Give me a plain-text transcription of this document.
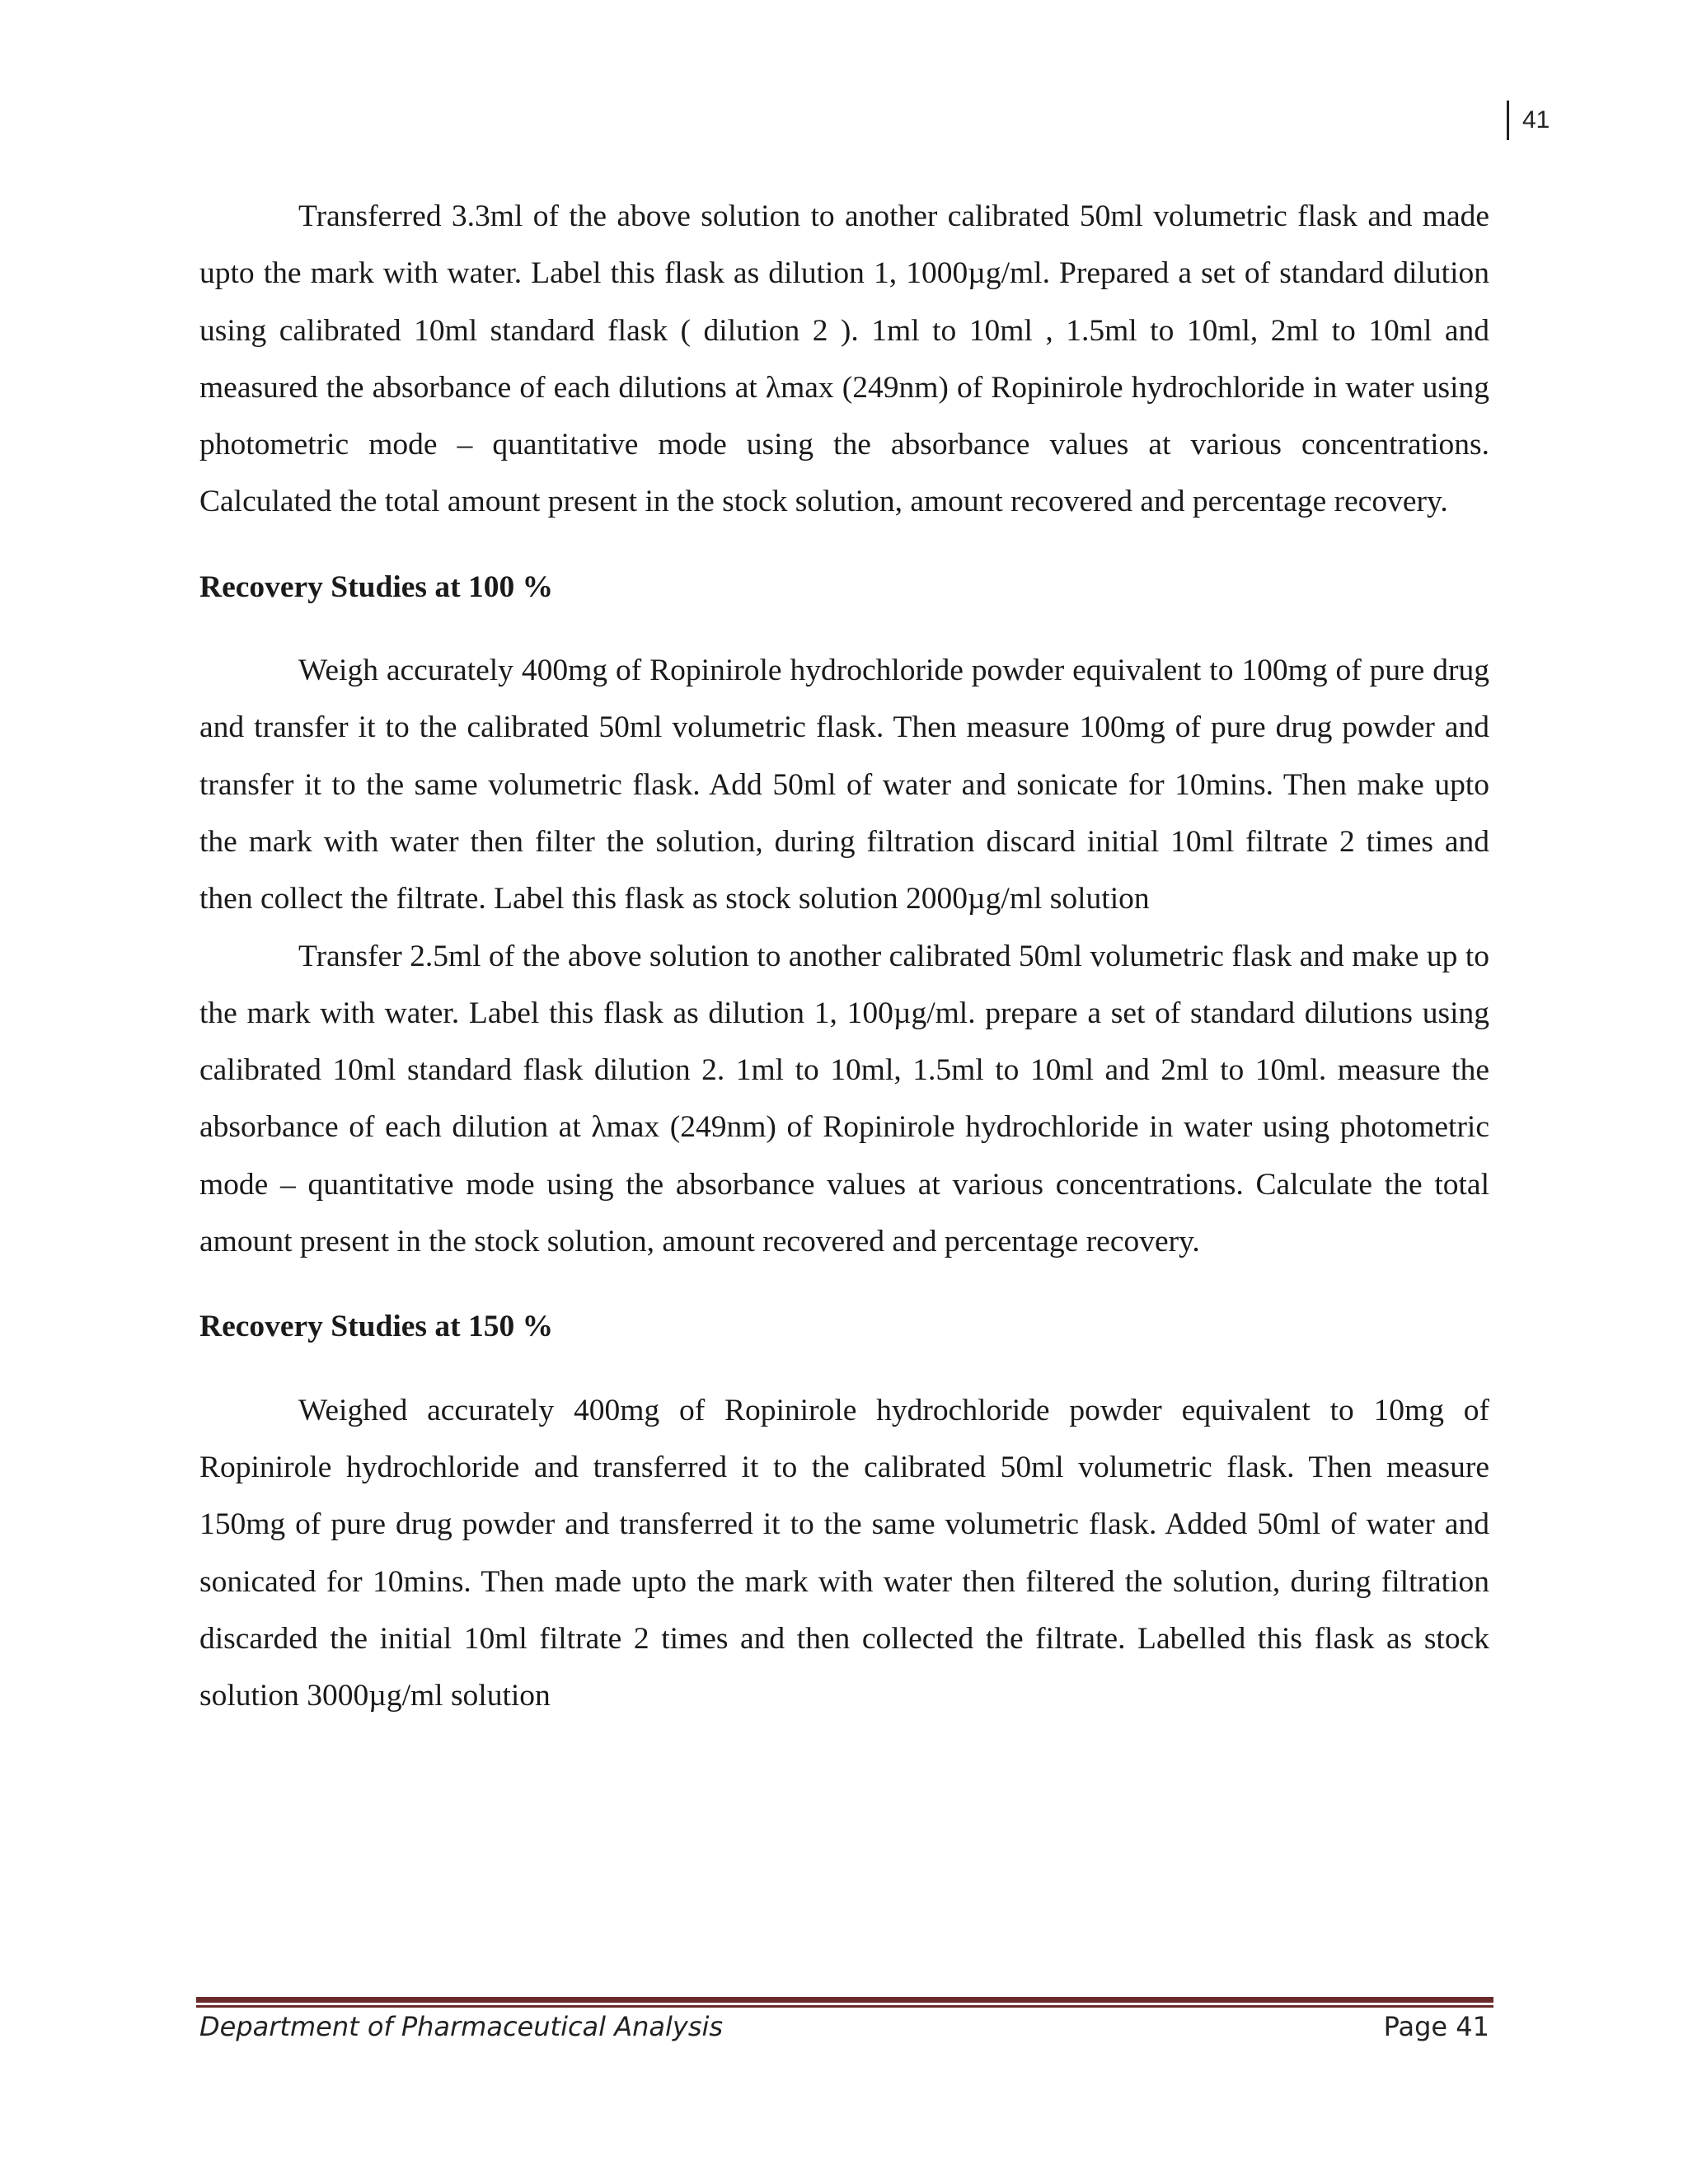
41

Transferred 3.3ml of the above solution to another calibrated 50ml volumetric flask and made upto the mark with water. Label this flask as dilution 1, 1000µg/ml. Prepared a set of standard dilution using calibrated 10ml standard flask ( dilution 2 ). 1ml to 10ml , 1.5ml to 10ml, 2ml to 10ml and measured the absorbance of each dilutions at λmax (249nm) of Ropinirole hydrochloride in water using photometric mode – quantitative mode using the absorbance values at various concentrations. Calculated the total amount present in the stock solution, amount recovered and percentage recovery.

Recovery Studies at 100 %

Weigh accurately 400mg of Ropinirole hydrochloride powder equivalent to 100mg of pure drug and transfer it to the calibrated 50ml volumetric flask. Then measure 100mg of pure drug powder and transfer it to the same volumetric flask. Add 50ml of water and sonicate for 10mins. Then make upto the mark with water then filter the solution, during filtration discard initial 10ml filtrate 2 times and then collect the filtrate. Label this flask as stock solution 2000µg/ml solution

Transfer 2.5ml of the above solution to another calibrated 50ml volumetric flask and make up to the mark with water. Label this flask as dilution 1, 100µg/ml. prepare a set of standard dilutions using calibrated 10ml standard flask dilution 2. 1ml to 10ml, 1.5ml to 10ml and 2ml to 10ml. measure the absorbance of each dilution at λmax (249nm) of Ropinirole hydrochloride in water using photometric mode – quantitative mode using the absorbance values at various concentrations. Calculate the total amount present in the stock solution, amount recovered and percentage recovery.

Recovery Studies at 150 %

Weighed accurately 400mg of Ropinirole hydrochloride powder equivalent to 10mg of Ropinirole hydrochloride and transferred it to the calibrated 50ml volumetric flask. Then measure 150mg of pure drug powder and transferred it to the same volumetric flask. Added 50ml of water and sonicated for 10mins. Then made upto the mark with water then filtered the solution, during filtration discarded the initial 10ml filtrate 2 times and then collected the filtrate. Labelled this flask as stock solution 3000µg/ml solution

Department of Pharmaceutical Analysis	Page 41
